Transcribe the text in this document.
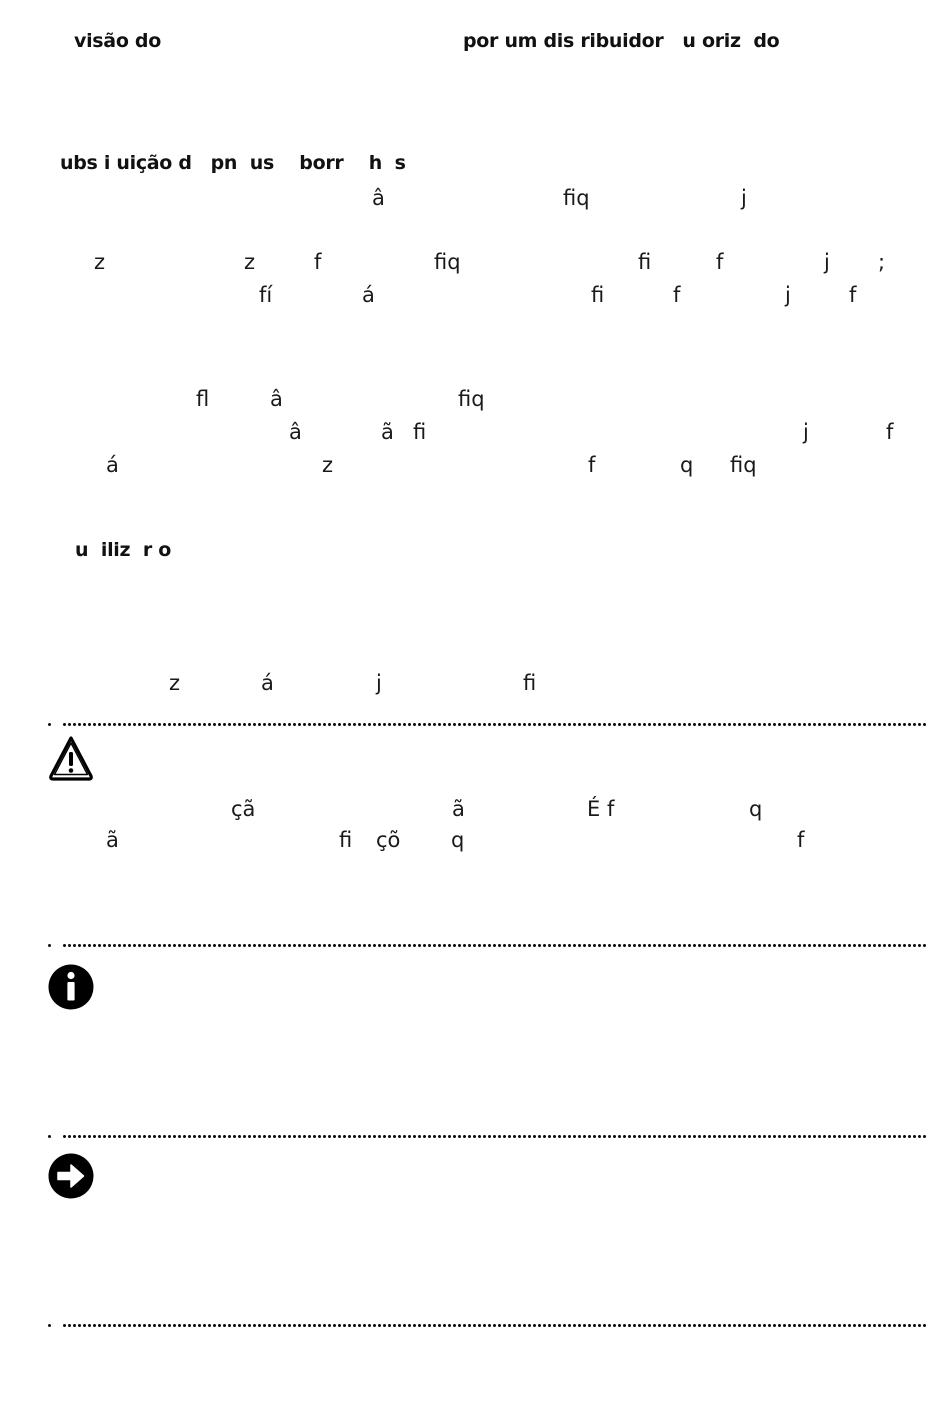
visão do	por um dis ribuidor   u oriz  do
ubs i uição d   pn  us    borr    h  s
â	fiq	j
z	z	f	fiq	fi	f	j ;
fí	á	fi	f	j	f
fl	â	fiq
â	ã fi	j	f
á	z	f	q fiq
u  iliz  r o
z	á	j	fi
çã	ã	É f	q
ã	fi çõ q	f
